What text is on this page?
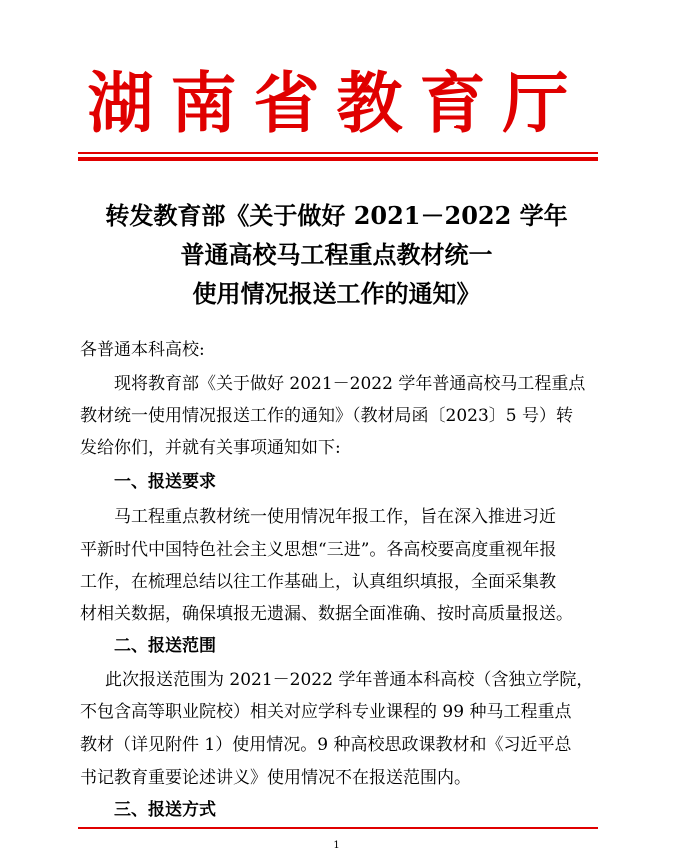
湖南省教育厅
转发教育部《关于做好 2021－2022 学年
普通高校马工程重点教材统一
使用情况报送工作的通知》
各普通本科高校:
现将教育部《关于做好 2021－2022 学年普通高校马工程重点
教材统一使用情况报送工作的通知》（教材局函〔2023〕5 号）转
发给你们，并就有关事项通知如下:
一、报送要求
马工程重点教材统一使用情况年报工作，旨在深入推进习近
平新时代中国特色社会主义思想“三进”。各高校要高度重视年报
工作，在梳理总结以往工作基础上，认真组织填报，全面采集教
材相关数据，确保填报无遗漏、数据全面准确、按时高质量报送。
二、报送范围
此次报送范围为 2021－2022 学年普通本科高校（含独立学院，
不包含高等职业院校）相关对应学科专业课程的 99 种马工程重点
教材（详见附件 1）使用情况。9 种高校思政课教材和《习近平总
书记教育重要论述讲义》使用情况不在报送范围内。
三、报送方式
1
